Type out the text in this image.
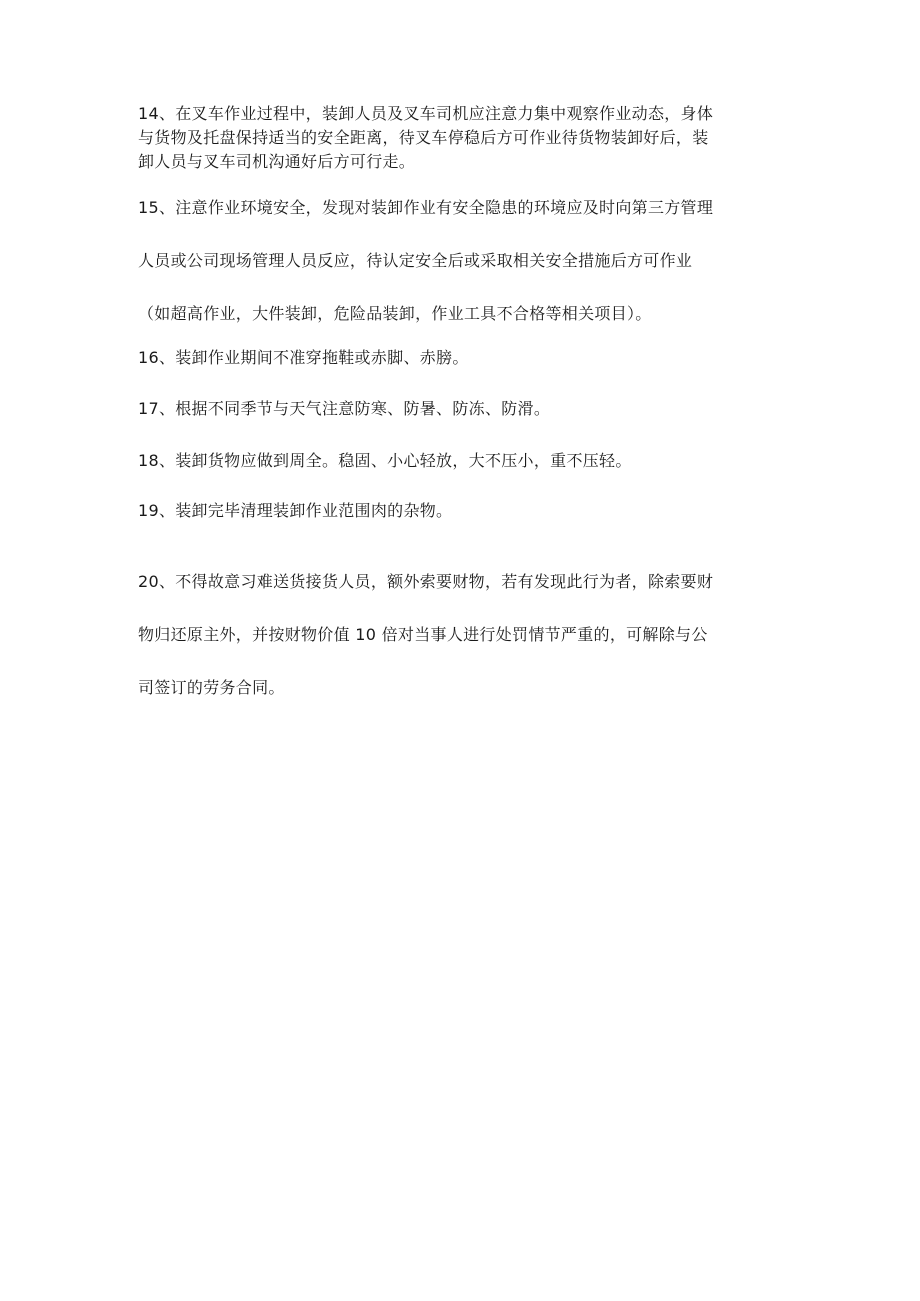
14、在叉车作业过程中，装卸人员及叉车司机应注意力集中观察作业动态，身体
与货物及托盘保持适当的安全距离，待叉车停稳后方可作业待货物装卸好后，装
卸人员与叉车司机沟通好后方可行走。
15、注意作业环境安全，发现对装卸作业有安全隐患的环境应及时向第三方管理
人员或公司现场管理人员反应，待认定安全后或采取相关安全措施后方可作业
（如超高作业，大件装卸，危险品装卸，作业工具不合格等相关项目）。
16、装卸作业期间不准穿拖鞋或赤脚、赤膀。
17、根据不同季节与天气注意防寒、防暑、防冻、防滑。
18、装卸货物应做到周全。稳固、小心轻放，大不压小，重不压轻。
19、装卸完毕清理装卸作业范围肉的杂物。
20、不得故意习难送货接货人员，额外索要财物，若有发现此行为者，除索要财
物归还原主外，并按财物价值 10 倍对当事人进行处罚情节严重的，可解除与公
司签订的劳务合同。
